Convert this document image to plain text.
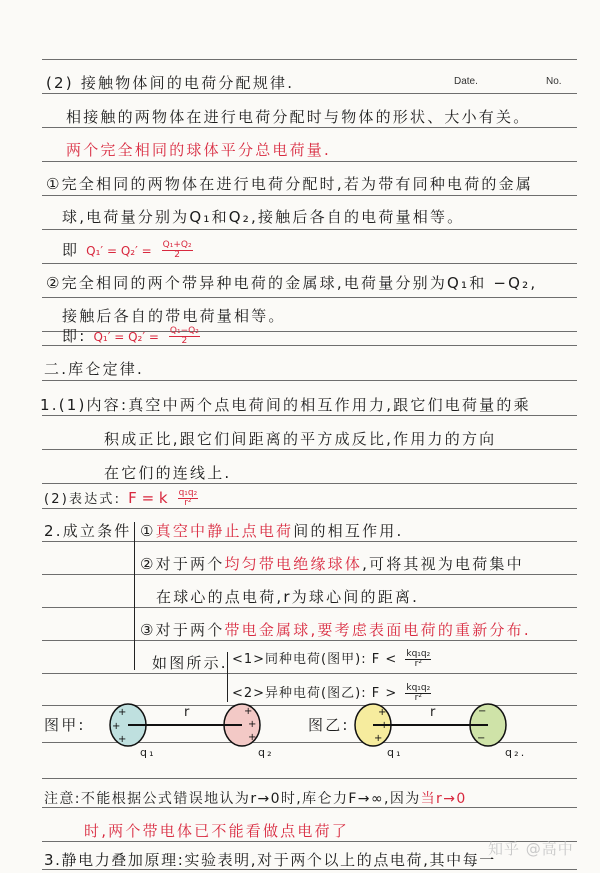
(2) 接触物体间的电荷分配规律.	Date.	No.
相接触的两物体在进行电荷分配时与物体的形状、大小有关。
两个完全相同的球体平分总电荷量.
①完全相同的两物体在进行电荷分配时,若为带有同种电荷的金属
球,电荷量分别为Q₁和Q₂,接触后各自的电荷量相等。
即 $Q_1' = Q_2' = \frac{\text{Q₁+Q₂}}{2}$
②完全相同的两个带异种电荷的金属球,电荷量分别为Q₁和 −Q₂,
接触后各自的带电荷量相等。
即: $Q_1' = Q_2' = \frac{\text{Q₁−Q₂}}{2}$
二.库仑定律.
1.(1)内容:真空中两个点电荷间的相互作用力,跟它们电荷量的乘
积成正比,跟它们间距离的平方成反比,作用力的方向
在它们的连线上.
(2)表达式: F = k $\frac{\text{q₁q₂}}{\text{r²}}$
2.成立条件 ①真空中静止点电荷间的相互作用.
②对于两个均匀带电绝缘球体,可将其视为电荷集中
在球心的点电荷,r为球心间的距离.
③对于两个带电金属球,要考虑表面电荷的重新分布.
如图所示. <1>同种电荷(图甲): $F < \frac{\text{kq₁q₂}}{\text{r²}}$
<2>异种电荷(图乙): $F > \frac{\text{kq₁q₂}}{\text{r²}}$
图甲:	图乙:
+
+
+
+
+
+
+
+
+
−
−
−
r	r
q₁	q₂	q₁	q₂.
注意:不能根据公式错误地认为r→0时,库仑力F→∞,因为当r→0
时,两个带电体已不能看做点电荷了
3.静电力叠加原理:实验表明,对于两个以上的点电荷,其中每一
知乎 @高中
